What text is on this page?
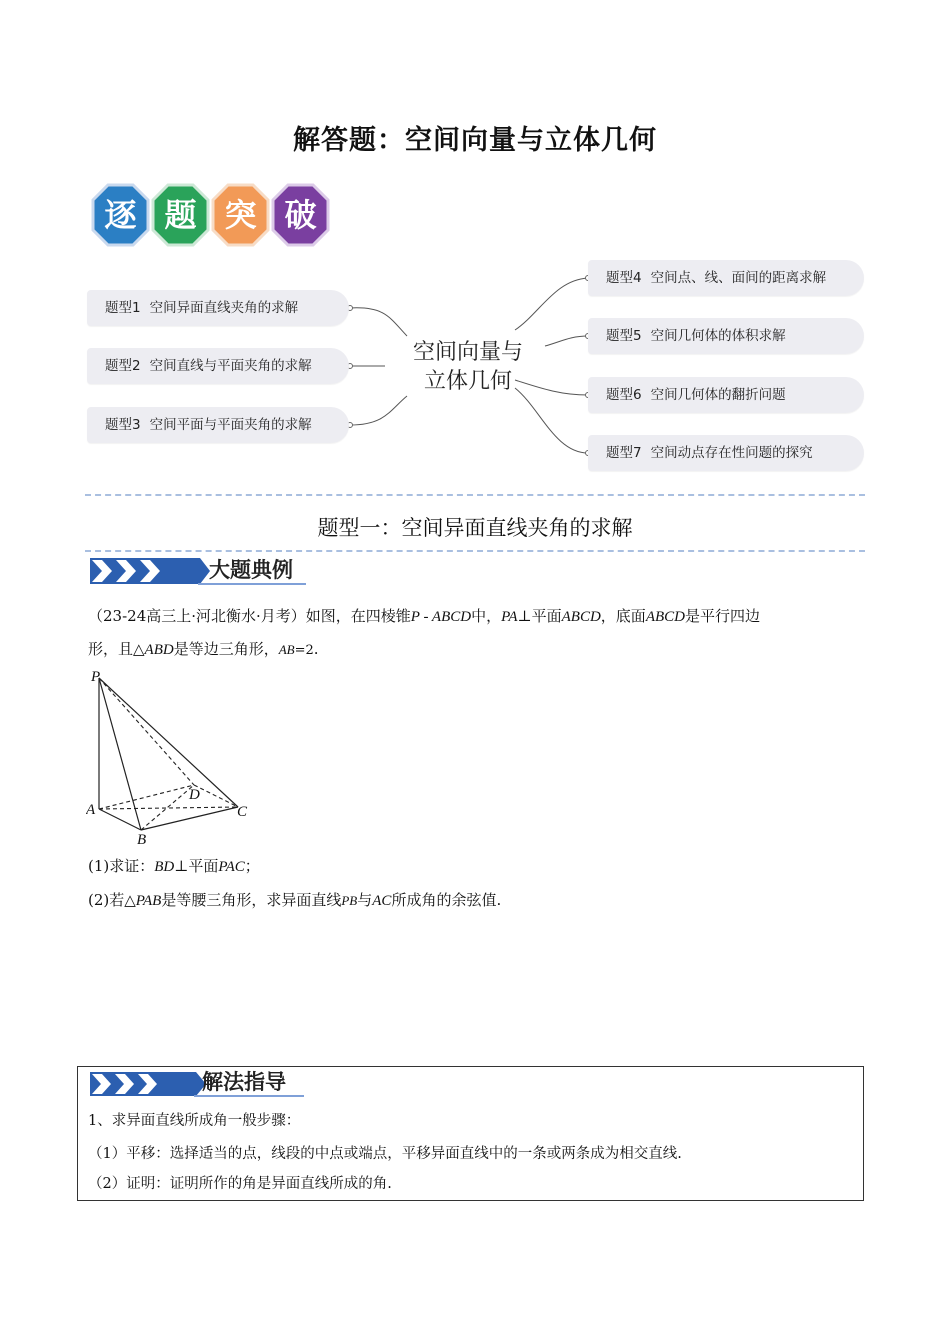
解答题：空间向量与立体几何
逐 题 突 破
题型1 空间异面直线夹角的求解
题型2 空间直线与平面夹角的求解
题型3 空间平面与平面夹角的求解
空间向量与
立体几何
题型4 空间点、线、面间的距离求解
题型5 空间几何体的体积求解
题型6 空间几何体的翻折问题
题型7 空间动点存在性问题的探究
题型一：空间异面直线夹角的求解
大题典例
（23-24高三上·河北衡水·月考）如图，在四棱锥P - ABCD中，PA⊥平面ABCD，底面ABCD是平行四边
形，且△ABD是等边三角形，AB=2.
P
A
B
C
D
(1)求证：BD⊥平面PAC；
(2)若△PAB是等腰三角形，求异面直线PB与AC所成角的余弦值.
解法指导
1、求异面直线所成角一般步骤：
（1）平移：选择适当的点，线段的中点或端点，平移异面直线中的一条或两条成为相交直线.
（2）证明：证明所作的角是异面直线所成的角.
